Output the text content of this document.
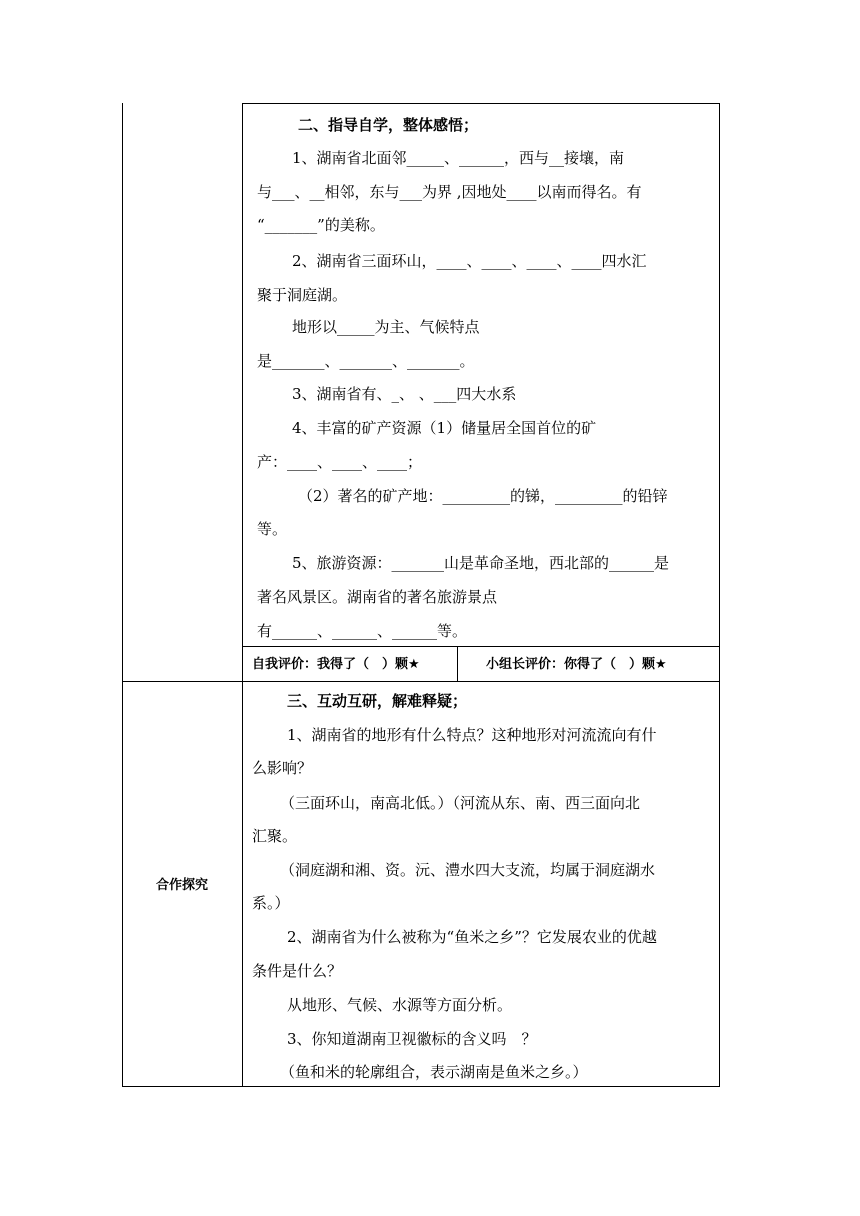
二、指导自学，整体感悟；
1、湖南省北面邻_____、______，西与__接壤，南
与___、__相邻，东与___为界 ,因地处____以南而得名。有
“_______”的美称。
2、湖南省三面环山，____、____、____、____四水汇
聚于洞庭湖。
地形以_____为主、气候特点
是_______、_______、_______。
3、湖南省有、_、 、___四大水系
4、丰富的矿产资源（1）储量居全国首位的矿
产：____、____、____；
（2）著名的矿产地：_________的锑，_________的铅锌
等。
5、旅游资源：_______山是革命圣地，西北部的______是
著名风景区。湖南省的著名旅游景点
有______、______、______等。
自我评价：我得了（　）颗★	小组长评价：你得了（　）颗★
合作探究
三、互动互研，解难释疑；
1、湖南省的地形有什么特点？这种地形对河流流向有什
么影响？
（三面环山，南高北低。）（河流从东、南、西三面向北
汇聚。
（洞庭湖和湘、资。沅、澧水四大支流，均属于洞庭湖水
系。）
2、湖南省为什么被称为“鱼米之乡”？它发展农业的优越
条件是什么？
从地形、气候、水源等方面分析。
3、你知道湖南卫视徽标的含义吗　？
（鱼和米的轮廓组合，表示湖南是鱼米之乡。）
